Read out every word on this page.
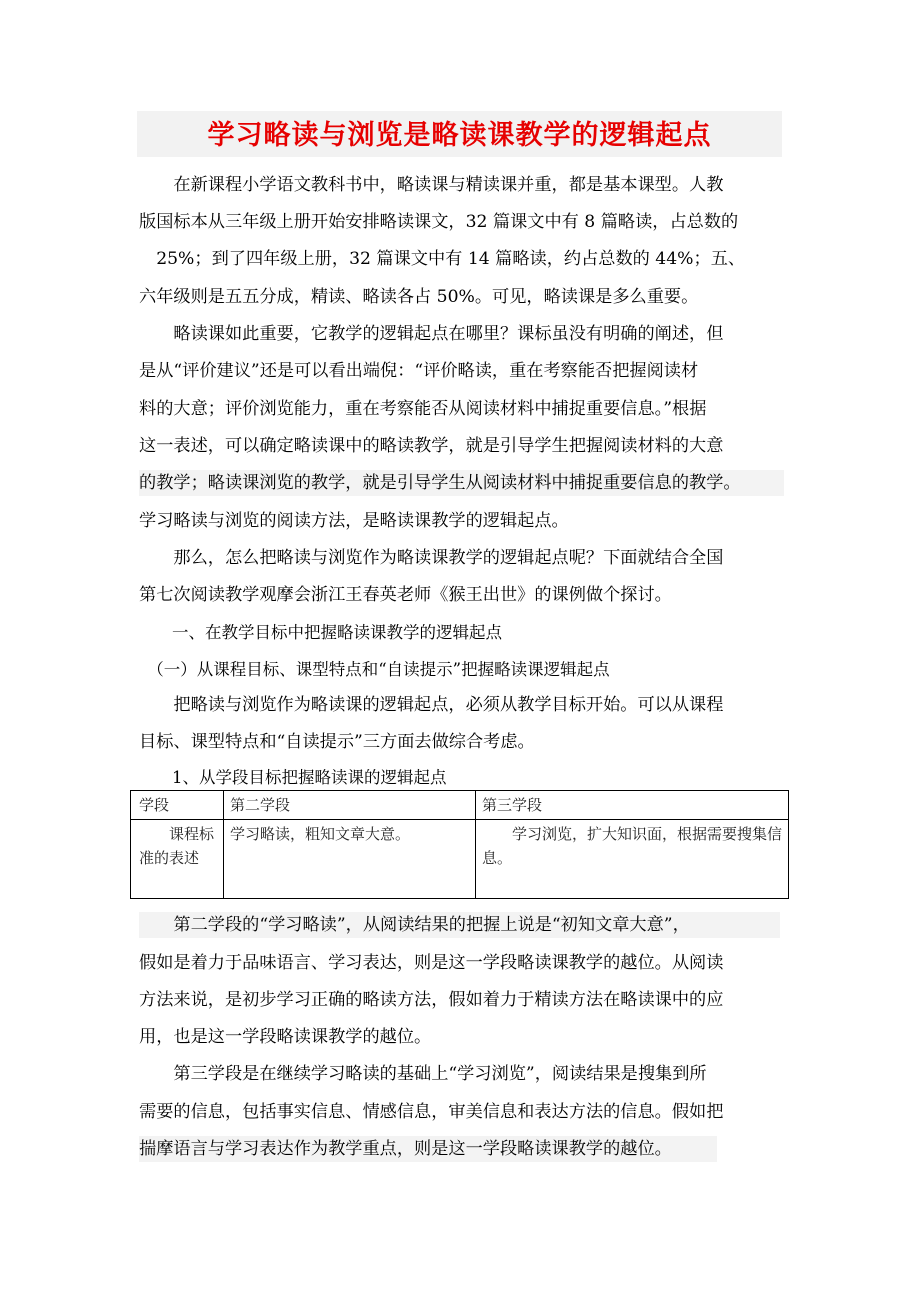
学习略读与浏览是略读课教学的逻辑起点
　　在新课程小学语文教科书中，略读课与精读课并重，都是基本课型。人教
版国标本从三年级上册开始安排略读课文，32 篇课文中有 8 篇略读，占总数的
　25%；到了四年级上册，32 篇课文中有 14 篇略读，约占总数的 44%；五、
六年级则是五五分成，精读、略读各占 50%。可见，略读课是多么重要。
　　略读课如此重要，它教学的逻辑起点在哪里？课标虽没有明确的阐述，但
是从“评价建议”还是可以看出端倪：“评价略读，重在考察能否把握阅读材
料的大意；评价浏览能力，重在考察能否从阅读材料中捕捉重要信息。”根据
这一表述，可以确定略读课中的略读教学，就是引导学生把握阅读材料的大意
的教学；略读课浏览的教学，就是引导学生从阅读材料中捕捉重要信息的教学。
学习略读与浏览的阅读方法，是略读课教学的逻辑起点。
　　那么，怎么把略读与浏览作为略读课教学的逻辑起点呢？下面就结合全国
第七次阅读教学观摩会浙江王春英老师《猴王出世》的课例做个探讨。
　　一、在教学目标中把握略读课教学的逻辑起点
　（一）从课程目标、课型特点和“自读提示”把握略读课逻辑起点
　　把略读与浏览作为略读课的逻辑起点，必须从教学目标开始。可以从课程
目标、课型特点和“自读提示”三方面去做综合考虑。
　　1、从学段目标把握略读课的逻辑起点
学段	第二学段	第三学段
课程标准的表述	学习略读，粗知文章大意。	学习浏览，扩大知识面，根据需要搜集信息。
　　第二学段的“学习略读”，从阅读结果的把握上说是“初知文章大意”，
假如是着力于品味语言、学习表达，则是这一学段略读课教学的越位。从阅读
方法来说，是初步学习正确的略读方法，假如着力于精读方法在略读课中的应
用，也是这一学段略读课教学的越位。
　　第三学段是在继续学习略读的基础上“学习浏览”，阅读结果是搜集到所
需要的信息，包括事实信息、情感信息，审美信息和表达方法的信息。假如把
揣摩语言与学习表达作为教学重点，则是这一学段略读课教学的越位。
